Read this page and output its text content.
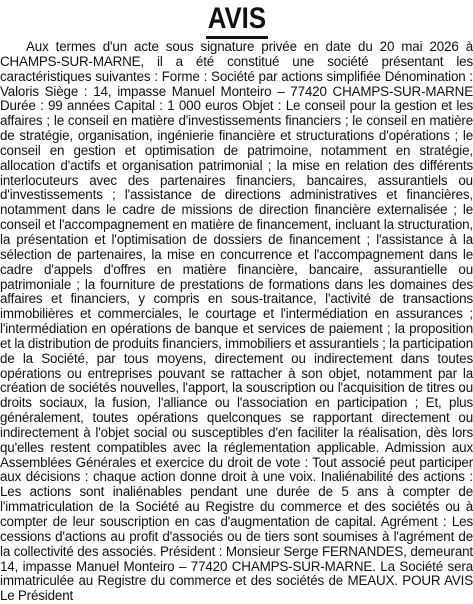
AVIS

Aux termes d'un acte sous signature privée en date du 20 mai 2026 à CHAMPS-SUR-MARNE, il a été constitué une société présentant les caractéristiques suivantes : Forme : Société par actions simplifiée Dénomination : Valoris Siège : 14, impasse Manuel Monteiro – 77420 CHAMPS-SUR-MARNE Durée : 99 années Capital : 1 000 euros Objet : Le conseil pour la gestion et les affaires ; le conseil en matière d'investissements financiers ; le conseil en matière de stratégie, organisation, ingénierie financière et structurations d'opérations ; le conseil en gestion et optimisation de patrimoine, notamment en stratégie, allocation d'actifs et organisation patrimonial ; la mise en relation des différents interlocuteurs avec des partenaires financiers, bancaires, assurantiels ou d'investissements ; l'assistance de directions administratives et financières, notamment dans le cadre de missions de direction financière externalisée ; le conseil et l'accompagnement en matière de financement, incluant la structuration, la présentation et l'optimisation de dossiers de financement ; l'assistance à la sélection de partenaires, la mise en concurrence et l'accompagnement dans le cadre d'appels d'offres en matière financière, bancaire, assurantielle ou patrimoniale ; la fourniture de prestations de formations dans les domaines des affaires et financiers, y compris en sous-traitance, l'activité de transactions immobilières et commerciales, le courtage et l'intermédiation en assurances ; l'intermédiation en opérations de banque et services de paiement ; la proposition et la distribution de produits financiers, immobiliers et assurantiels ; la participation de la Société, par tous moyens, directement ou indirectement dans toutes opérations ou entreprises pouvant se rattacher à son objet, notamment par la création de sociétés nouvelles, l'apport, la souscription ou l'acquisition de titres ou droits sociaux, la fusion, l'alliance ou l'association en participation ; Et, plus généralement, toutes opérations quelconques se rapportant directement ou indirectement à l'objet social ou susceptibles d'en faciliter la réalisation, dès lors qu'elles restent compatibles avec la réglementation applicable. Admission aux Assemblées Générales et exercice du droit de vote : Tout associé peut participer aux décisions : chaque action donne droit à une voix. Inaliénabilité des actions : Les actions sont inaliénables pendant une durée de 5 ans à compter de l'immatriculation de la Société au Registre du commerce et des sociétés ou à compter de leur souscription en cas d'augmentation de capital. Agrément : Les cessions d'actions au profit d'associés ou de tiers sont soumises à l'agrément de la collectivité des associés. Président : Monsieur Serge FERNANDES, demeurant 14, impasse Manuel Monteiro – 77420 CHAMPS-SUR-MARNE. La Société sera immatriculée au Registre du commerce et des sociétés de MEAUX. POUR AVIS Le Président
